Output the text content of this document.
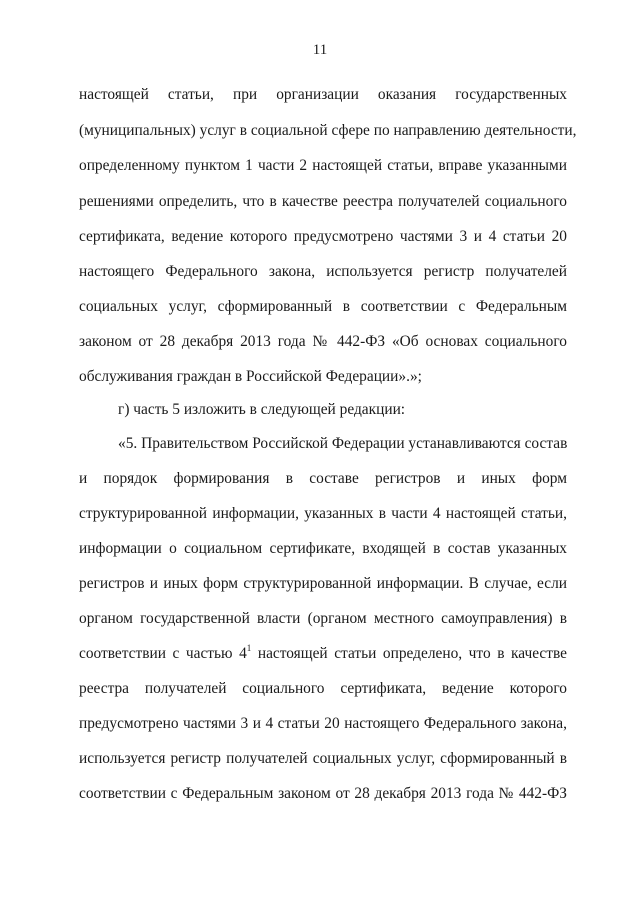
11
настоящей статьи, при организации оказания государственных
(муниципальных) услуг в социальной сфере по направлению деятельности,
определенному пунктом 1 части 2 настоящей статьи, вправе указанными
решениями определить, что в качестве реестра получателей социального
сертификата, ведение которого предусмотрено частями 3 и 4 статьи 20
настоящего Федерального закона, используется регистр получателей
социальных услуг, сформированный в соответствии с Федеральным
законом от 28 декабря 2013 года № 442-ФЗ «Об основах социального
обслуживания граждан в Российской Федерации».»;
г) часть 5 изложить в следующей редакции:
«5. Правительством Российской Федерации устанавливаются состав
и порядок формирования в составе регистров и иных форм
структурированной информации, указанных в части 4 настоящей статьи,
информации о социальном сертификате, входящей в состав указанных
регистров и иных форм структурированной информации. В случае, если
органом государственной власти (органом местного самоуправления) в
соответствии с частью $4^1$ настоящей статьи определено, что в качестве
реестра получателей социального сертификата, ведение которого
предусмотрено частями 3 и 4 статьи 20 настоящего Федерального закона,
используется регистр получателей социальных услуг, сформированный в
соответствии с Федеральным законом от 28 декабря 2013 года № 442-ФЗ
